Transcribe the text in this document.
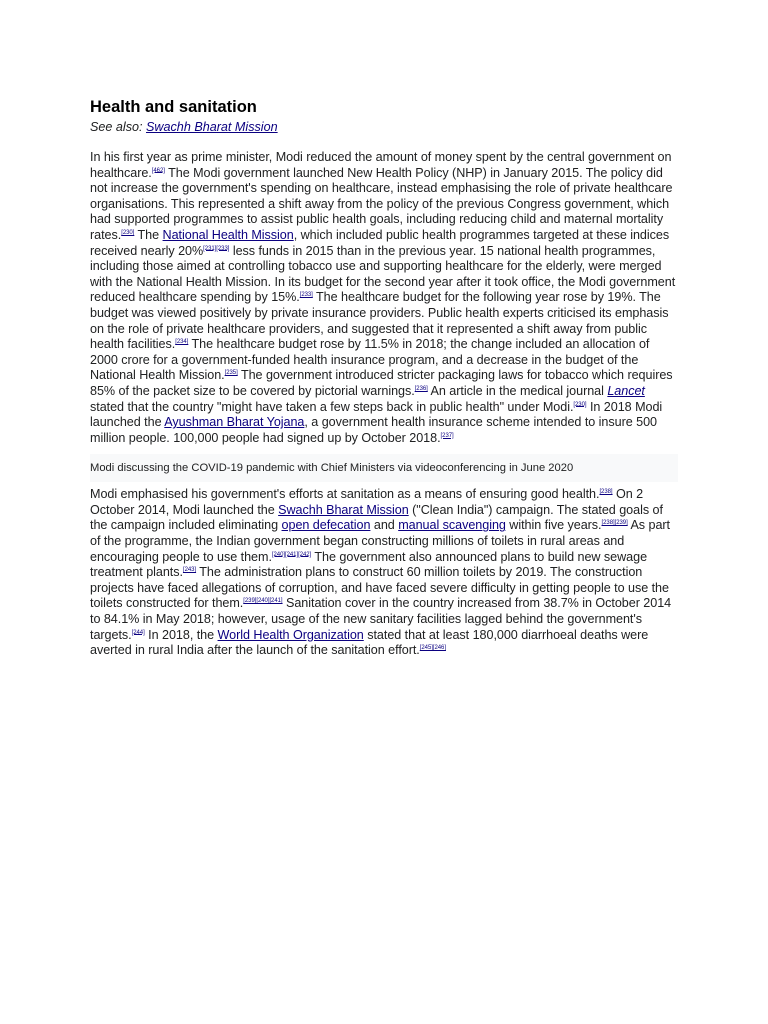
Health and sanitation
See also: Swachh Bharat Mission

In his first year as prime minister, Modi reduced the amount of money spent by the central government on healthcare.[462] The Modi government launched New Health Policy (NHP) in January 2015. The policy did not increase the government's spending on healthcare, instead emphasising the role of private healthcare organisations. This represented a shift away from the policy of the previous Congress government, which had supported programmes to assist public health goals, including reducing child and maternal mortality rates.[230] The National Health Mission, which included public health programmes targeted at these indices received nearly 20%[231][233] less funds in 2015 than in the previous year. 15 national health programmes, including those aimed at controlling tobacco use and supporting healthcare for the elderly, were merged with the National Health Mission. In its budget for the second year after it took office, the Modi government reduced healthcare spending by 15%.[233] The healthcare budget for the following year rose by 19%. The budget was viewed positively by private insurance providers. Public health experts criticised its emphasis on the role of private healthcare providers, and suggested that it represented a shift away from public health facilities.[234] The healthcare budget rose by 11.5% in 2018; the change included an allocation of 2000 crore for a government-funded health insurance program, and a decrease in the budget of the National Health Mission.[235] The government introduced stricter packaging laws for tobacco which requires 85% of the packet size to be covered by pictorial warnings.[236] An article in the medical journal Lancet stated that the country "might have taken a few steps back in public health" under Modi.[230] In 2018 Modi launched the Ayushman Bharat Yojana, a government health insurance scheme intended to insure 500 million people. 100,000 people had signed up by October 2018.[237]

Modi discussing the COVID-19 pandemic with Chief Ministers via videoconferencing in June 2020

Modi emphasised his government's efforts at sanitation as a means of ensuring good health.[238] On 2 October 2014, Modi launched the Swachh Bharat Mission ("Clean India") campaign. The stated goals of the campaign included eliminating open defecation and manual scavenging within five years.[238][239] As part of the programme, the Indian government began constructing millions of toilets in rural areas and encouraging people to use them.[240][241][242] The government also announced plans to build new sewage treatment plants.[243] The administration plans to construct 60 million toilets by 2019. The construction projects have faced allegations of corruption, and have faced severe difficulty in getting people to use the toilets constructed for them.[239][240][241] Sanitation cover in the country increased from 38.7% in October 2014 to 84.1% in May 2018; however, usage of the new sanitary facilities lagged behind the government's targets.[244] In 2018, the World Health Organization stated that at least 180,000 diarrhoeal deaths were averted in rural India after the launch of the sanitation effort.[245][246]
